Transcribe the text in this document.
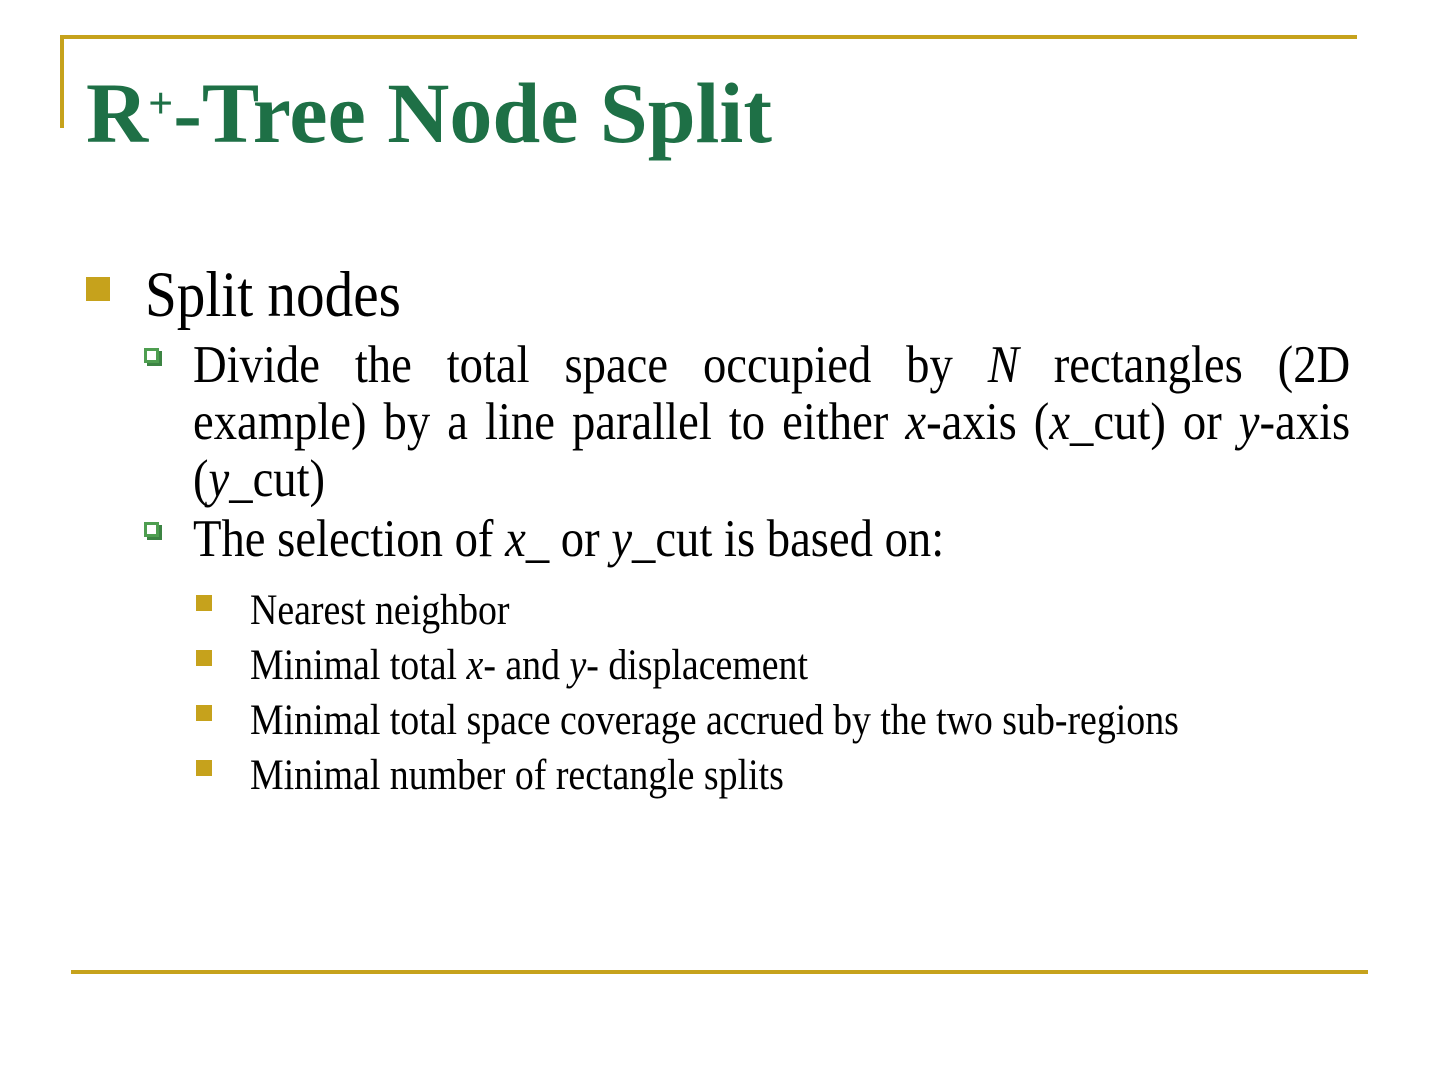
R+-Tree Node Split
Split nodes
Divide the total space occupied by N rectangles (2D
example) by a line parallel to either x-axis (x_cut) or y-axis
(y_cut)
The selection of x_ or y_cut is based on:
Nearest neighbor
Minimal total x- and y- displacement
Minimal total space coverage accrued by the two sub-regions
Minimal number of rectangle splits
